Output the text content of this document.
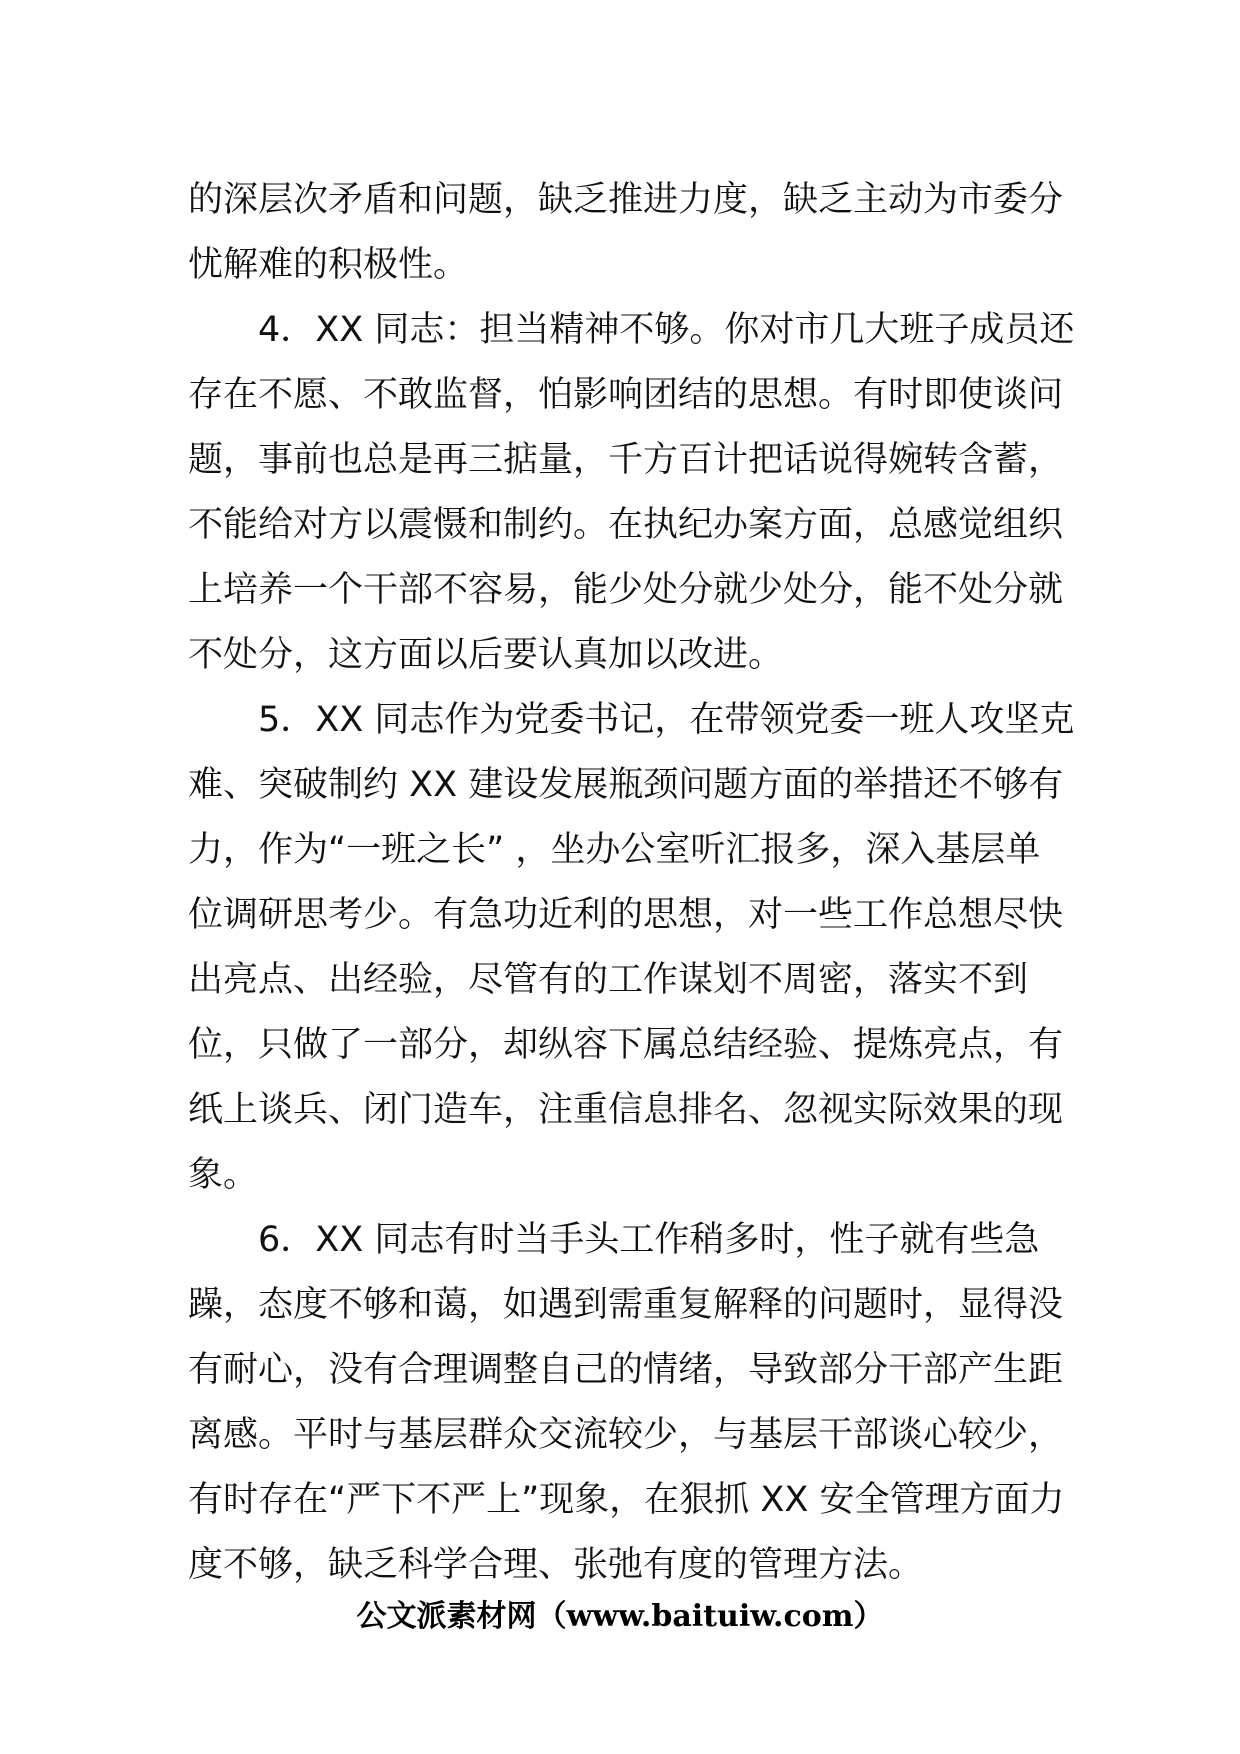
的深层次矛盾和问题，缺乏推进力度，缺乏主动为市委分
忧解难的积极性。
4．XX 同志：担当精神不够。你对市几大班子成员还
存在不愿、不敢监督，怕影响团结的思想。有时即使谈问
题，事前也总是再三掂量，千方百计把话说得婉转含蓄，
不能给对方以震慑和制约。在执纪办案方面，总感觉组织
上培养一个干部不容易，能少处分就少处分，能不处分就
不处分，这方面以后要认真加以改进。
5．XX 同志作为党委书记，在带领党委一班人攻坚克
难、突破制约 XX 建设发展瓶颈问题方面的举措还不够有
力，作为“一班之长” ，坐办公室听汇报多，深入基层单
位调研思考少。有急功近利的思想，对一些工作总想尽快
出亮点、出经验，尽管有的工作谋划不周密，落实不到
位，只做了一部分，却纵容下属总结经验、提炼亮点，有
纸上谈兵、闭门造车，注重信息排名、忽视实际效果的现
象。
6．XX 同志有时当手头工作稍多时，性子就有些急
躁，态度不够和蔼，如遇到需重复解释的问题时，显得没
有耐心，没有合理调整自己的情绪，导致部分干部产生距
离感。平时与基层群众交流较少，与基层干部谈心较少，
有时存在“严下不严上”现象，在狠抓 XX 安全管理方面力
度不够，缺乏科学合理、张弛有度的管理方法。
公文派素材网（www.baituiw.com）
